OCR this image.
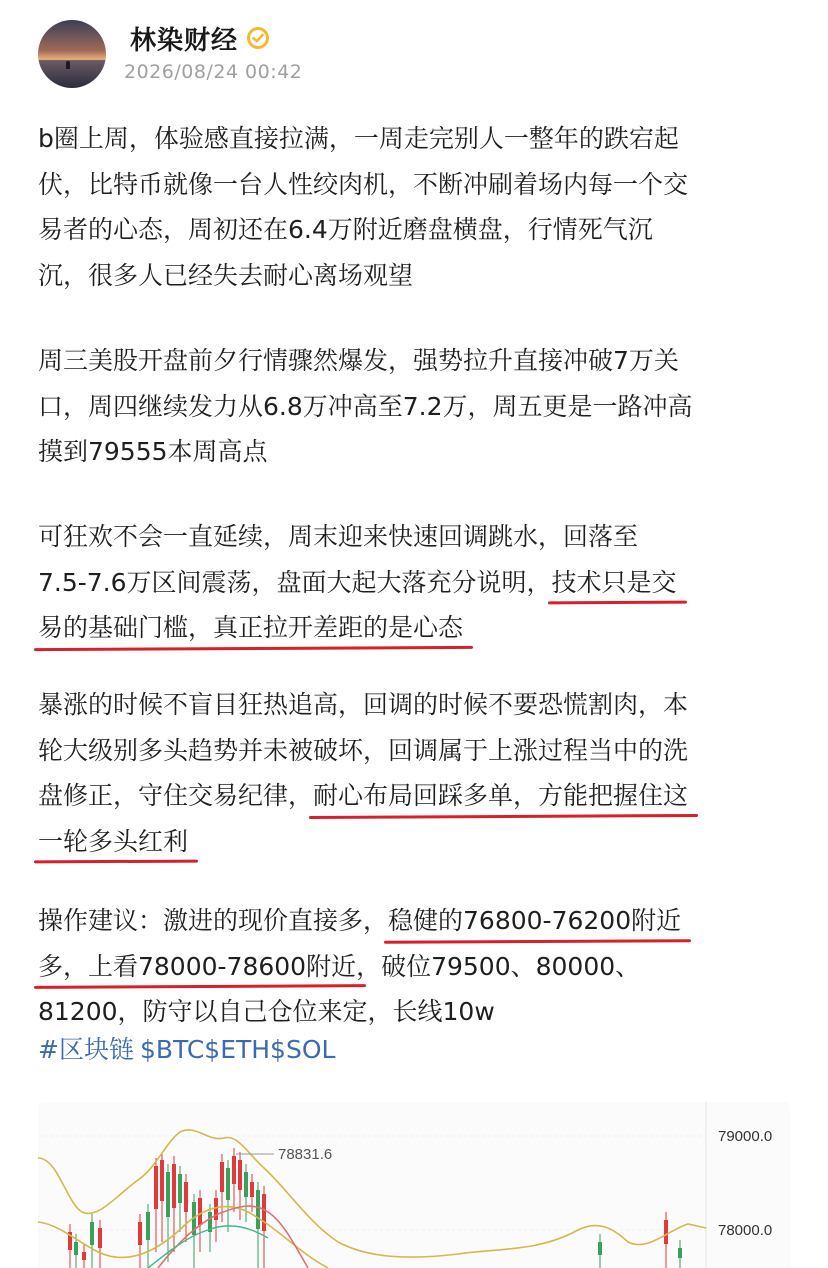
林染财经
2026/08/24 00:42
b圈上周，体验感直接拉满，一周走完别人一整年的跌宕起
伏，比特币就像一台人性绞肉机，不断冲刷着场内每一个交
易者的心态，周初还在6.4万附近磨盘横盘，行情死气沉
沉，很多人已经失去耐心离场观望
周三美股开盘前夕行情骤然爆发，强势拉升直接冲破7万关
口，周四继续发力从6.8万冲高至7.2万，周五更是一路冲高
摸到79555本周高点
可狂欢不会一直延续，周末迎来快速回调跳水，回落至
7.5-7.6万区间震荡，盘面大起大落充分说明，技术只是交
易的基础门槛，真正拉开差距的是心态
暴涨的时候不盲目狂热追高，回调的时候不要恐慌割肉，本
轮大级别多头趋势并未被破坏，回调属于上涨过程当中的洗
盘修正，守住交易纪律，耐心布局回踩多单，方能把握住这
一轮多头红利
操作建议：激进的现价直接多，稳健的76800-76200附近
多，上看78000-78600附近
，破位79500、80000、
81200，防守以自己仓位来定，长线10w
#区块链 $BTC$ETH$SOL
78831.6
79000.0
78000.0
